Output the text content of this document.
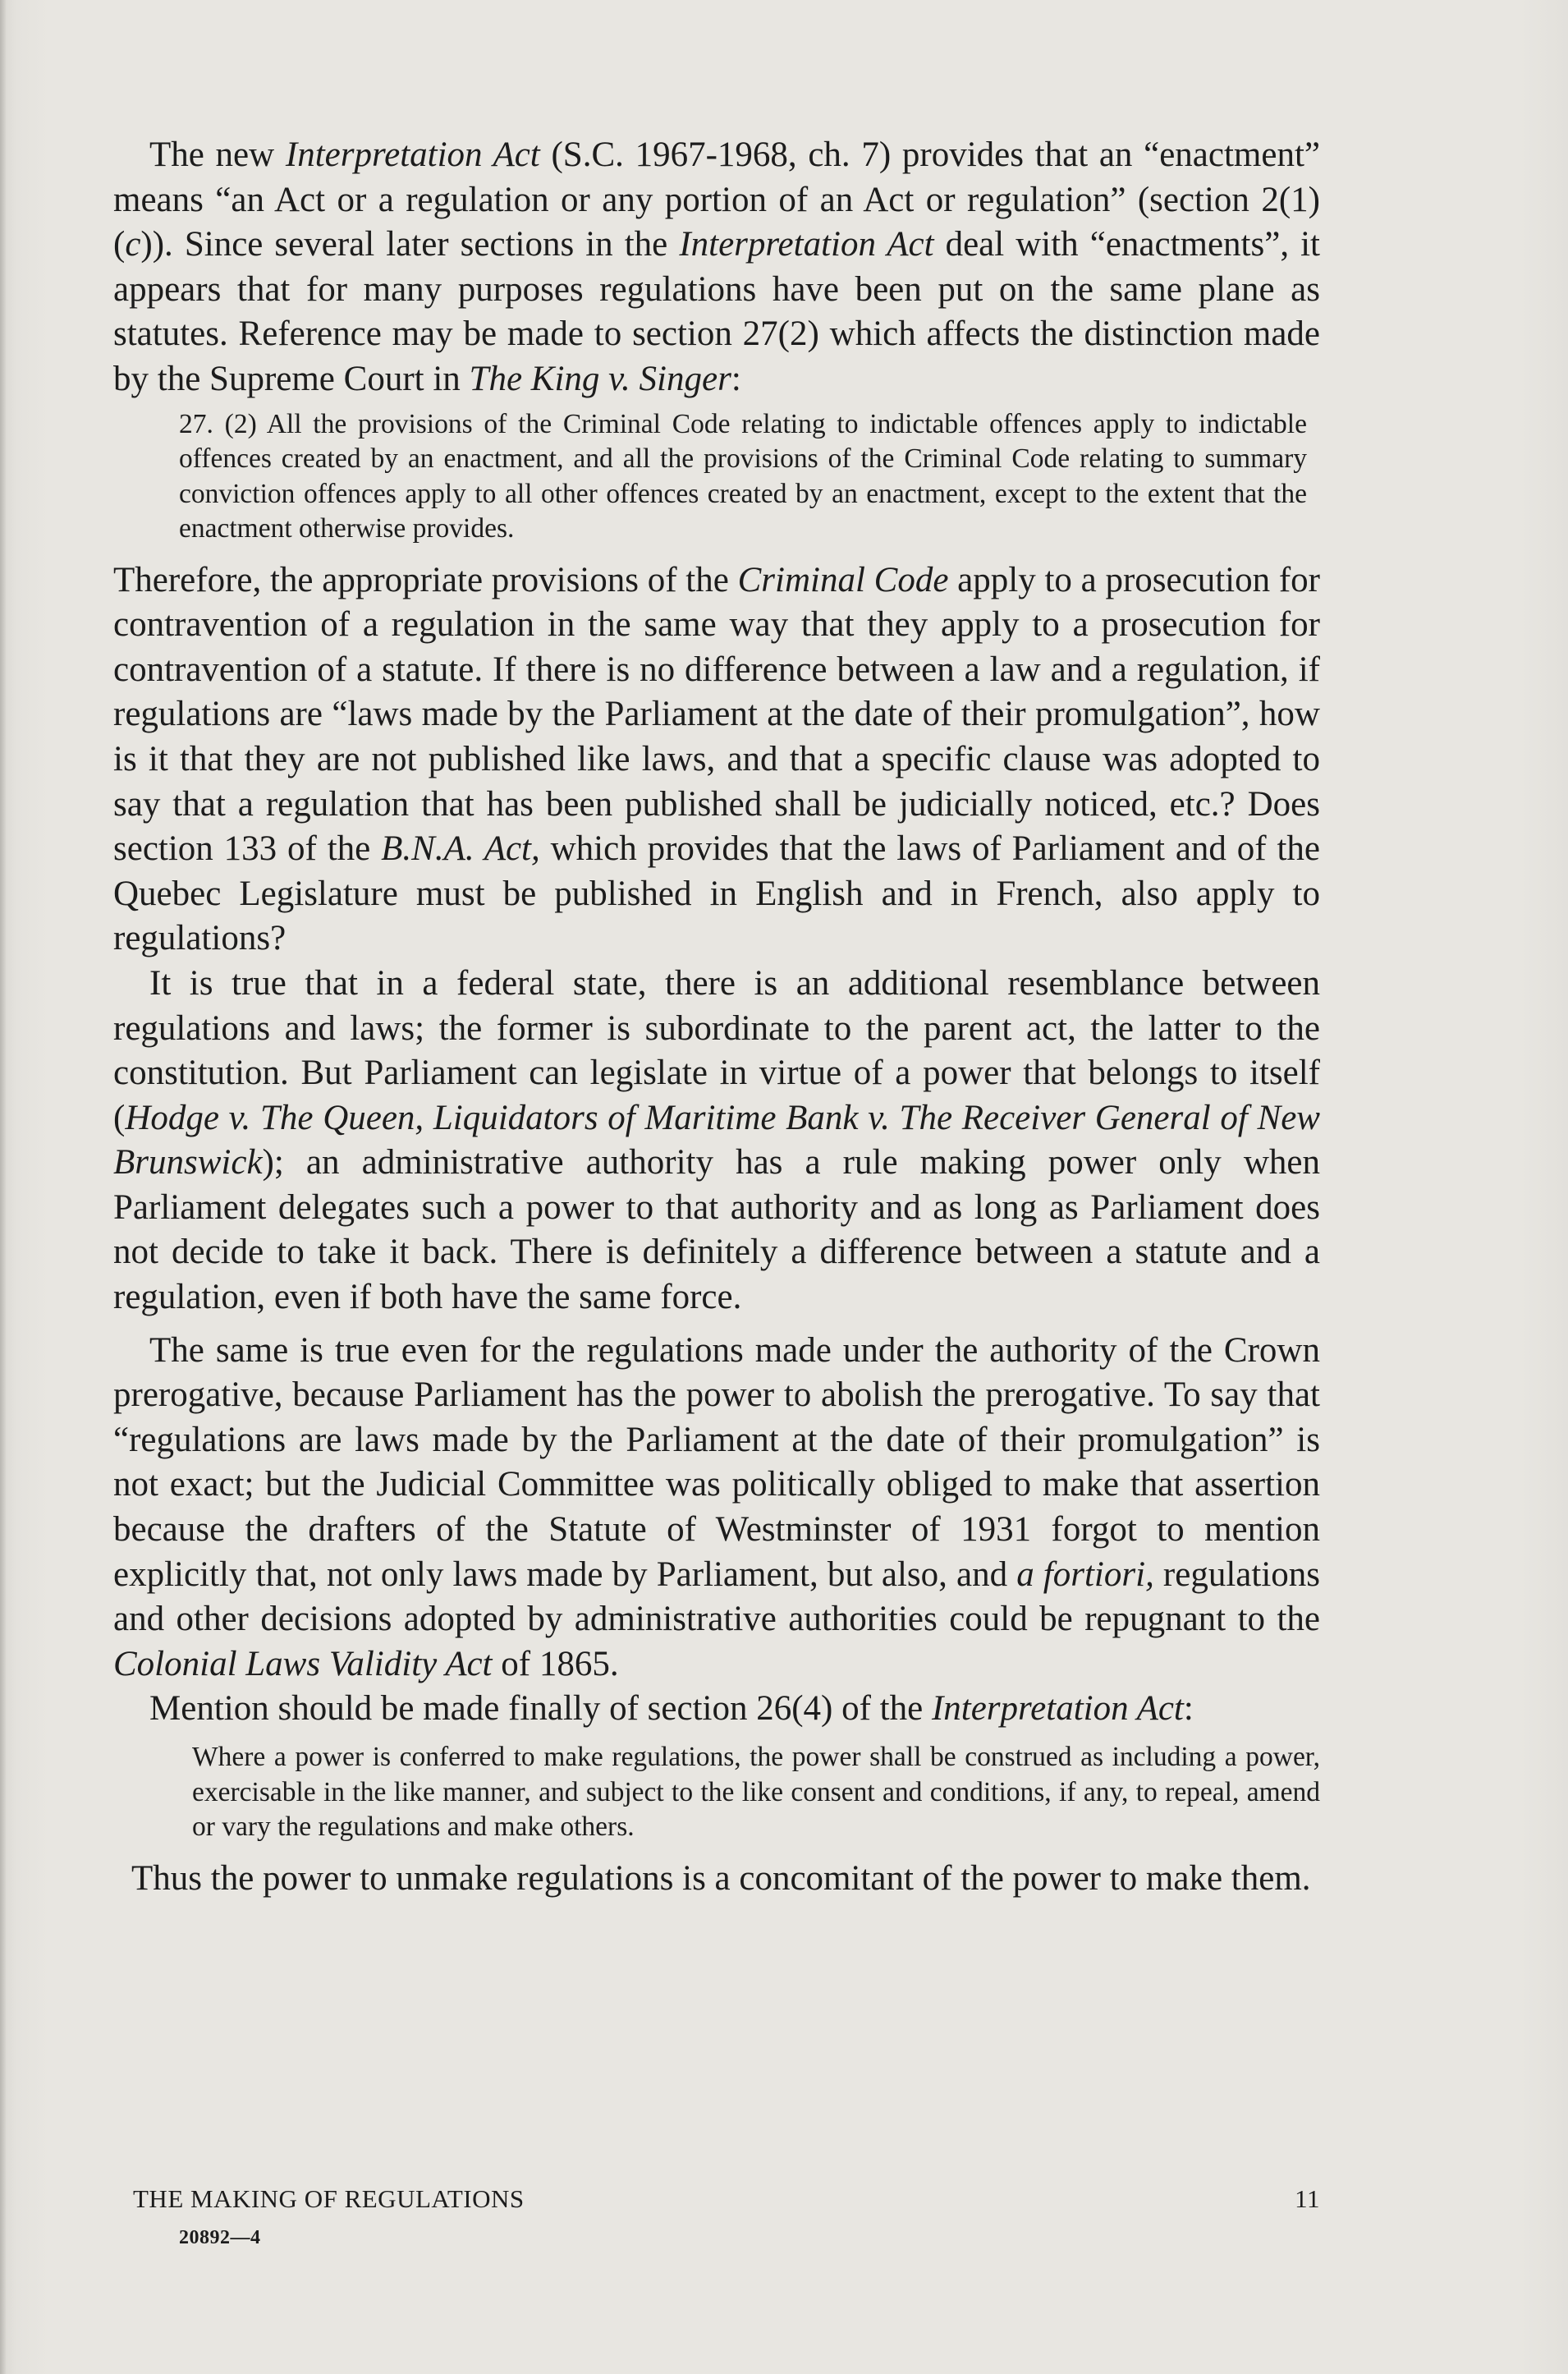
The new Interpretation Act (S.C. 1967-1968, ch. 7) provides that an “enactment” means “an Act or a regulation or any portion of an Act or regulation” (section 2(1)(c)). Since several later sections in the Interpretation Act deal with “enactments”, it appears that for many purposes regulations have been put on the same plane as statutes. Reference may be made to section 27(2) which affects the distinction made by the Supreme Court in The King v. Singer:

27. (2) All the provisions of the Criminal Code relating to indictable offences apply to indictable offences created by an enactment, and all the provisions of the Criminal Code relating to summary conviction offences apply to all other offences created by an enactment, except to the extent that the enactment otherwise provides.

Therefore, the appropriate provisions of the Criminal Code apply to a prosecution for contravention of a regulation in the same way that they apply to a prosecution for contravention of a statute. If there is no difference between a law and a regulation, if regulations are “laws made by the Parliament at the date of their promulgation”, how is it that they are not published like laws, and that a specific clause was adopted to say that a regulation that has been published shall be judicially noticed, etc.? Does section 133 of the B.N.A. Act, which provides that the laws of Parliament and of the Quebec Legislature must be published in English and in French, also apply to regulations?

It is true that in a federal state, there is an additional resemblance between regulations and laws; the former is subordinate to the parent act, the latter to the constitution. But Parliament can legislate in virtue of a power that belongs to itself (Hodge v. The Queen, Liquidators of Maritime Bank v. The Receiver General of New Brunswick); an administrative authority has a rule making power only when Parliament delegates such a power to that authority and as long as Parliament does not decide to take it back. There is definitely a difference between a statute and a regulation, even if both have the same force.

The same is true even for the regulations made under the authority of the Crown prerogative, because Parliament has the power to abolish the prerogative. To say that “regulations are laws made by the Parliament at the date of their promulgation” is not exact; but the Judicial Committee was politically obliged to make that assertion because the drafters of the Statute of Westminster of 1931 forgot to mention explicitly that, not only laws made by Parliament, but also, and a fortiori, regulations and other decisions adopted by administrative authorities could be repugnant to the Colonial Laws Validity Act of 1865.

Mention should be made finally of section 26(4) of the Interpretation Act:

Where a power is conferred to make regulations, the power shall be construed as including a power, exercisable in the like manner, and subject to the like consent and conditions, if any, to repeal, amend or vary the regulations and make others.

Thus the power to unmake regulations is a concomitant of the power to make them.

THE MAKING OF REGULATIONS	11
20892—4
